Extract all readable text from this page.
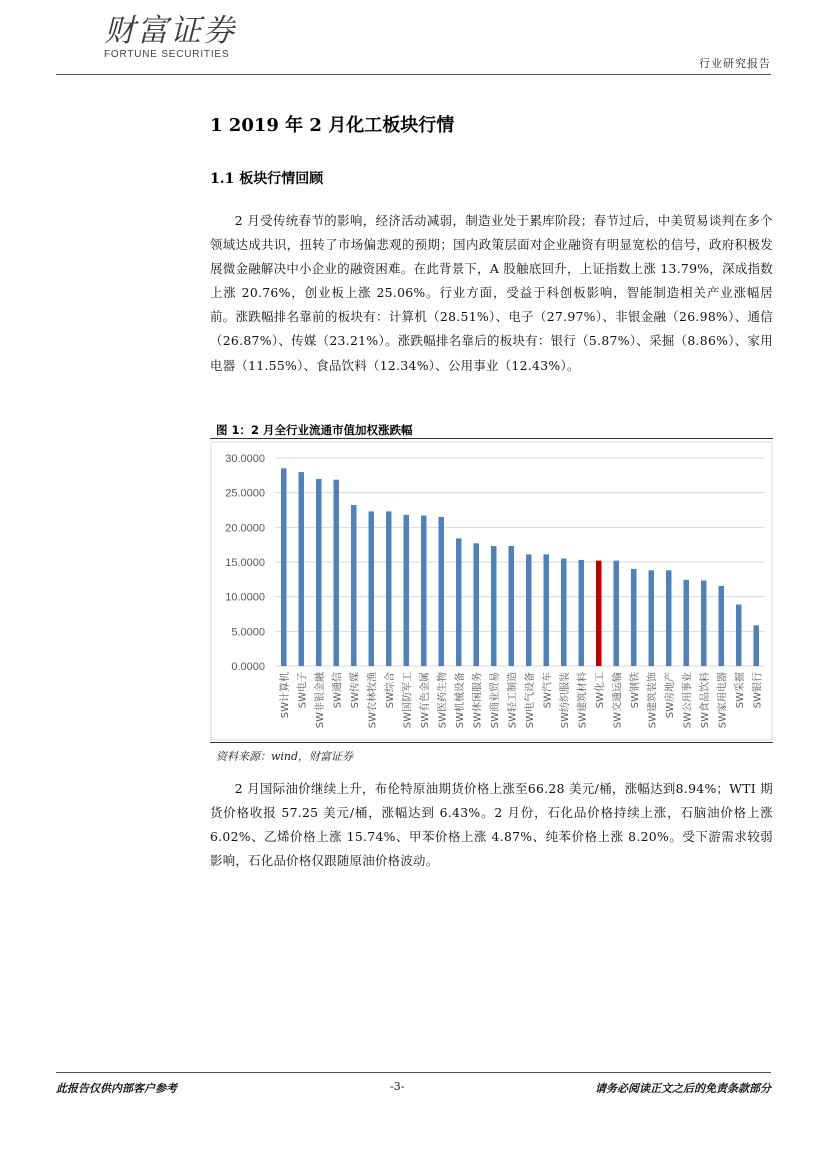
财富证券
FORTUNE SECURITIES
行业研究报告
1 2019 年 2 月化工板块行情
1.1 板块行情回顾

2 月受传统春节的影响，经济活动减弱，制造业处于累库阶段；春节过后，中美贸易谈判在多个领域达成共识，扭转了市场偏悲观的预期；国内政策层面对企业融资有明显宽松的信号，政府积极发展微金融解决中小企业的融资困难。在此背景下，A 股触底回升，上证指数上涨 13.79%，深成指数上涨 20.76%，创业板上涨 25.06%。行业方面，受益于科创板影响，智能制造相关产业涨幅居前。涨跌幅排名靠前的板块有：计算机（28.51%）、电子（27.97%）、非银金融（26.98%）、通信（26.87%）、传媒（23.21%）。涨跌幅排名靠后的板块有：银行（5.87%）、采掘（8.86%）、家用电器（11.55%）、食品饮料（12.34%）、公用事业（12.43%）。

图 1：2 月全行业流通市值加权涨跌幅
0.0000
5.0000
10.0000
15.0000
20.0000
25.0000
30.0000
SW计算机 SW电子 SW非银金融 SW通信 SW传媒 SW农林牧渔 SW综合 SW国防军工 SW有色金属 SW医药生物 SW机械设备 SW休闲服务 SW商业贸易 SW轻工制造 SW电气设备 SW汽车 SW纺织服装 SW建筑材料 SW化工 SW交通运输 SW钢铁 SW建筑装饰 SW房地产 SW公用事业 SW食品饮料 SW家用电器 SW采掘 SW银行
资料来源：wind，财富证券

2 月国际油价继续上升，布伦特原油期货价格上涨至66.28 美元/桶，涨幅达到8.94%；WTI 期货价格收报 57.25 美元/桶，涨幅达到 6.43%。2 月份，石化品价格持续上涨，石脑油价格上涨 6.02%、乙烯价格上涨 15.74%、甲苯价格上涨 4.87%、纯苯价格上涨 8.20%。受下游需求较弱影响，石化品价格仅跟随原油价格波动。

此报告仅供内部客户参考	-3-	请务必阅读正文之后的免责条款部分
